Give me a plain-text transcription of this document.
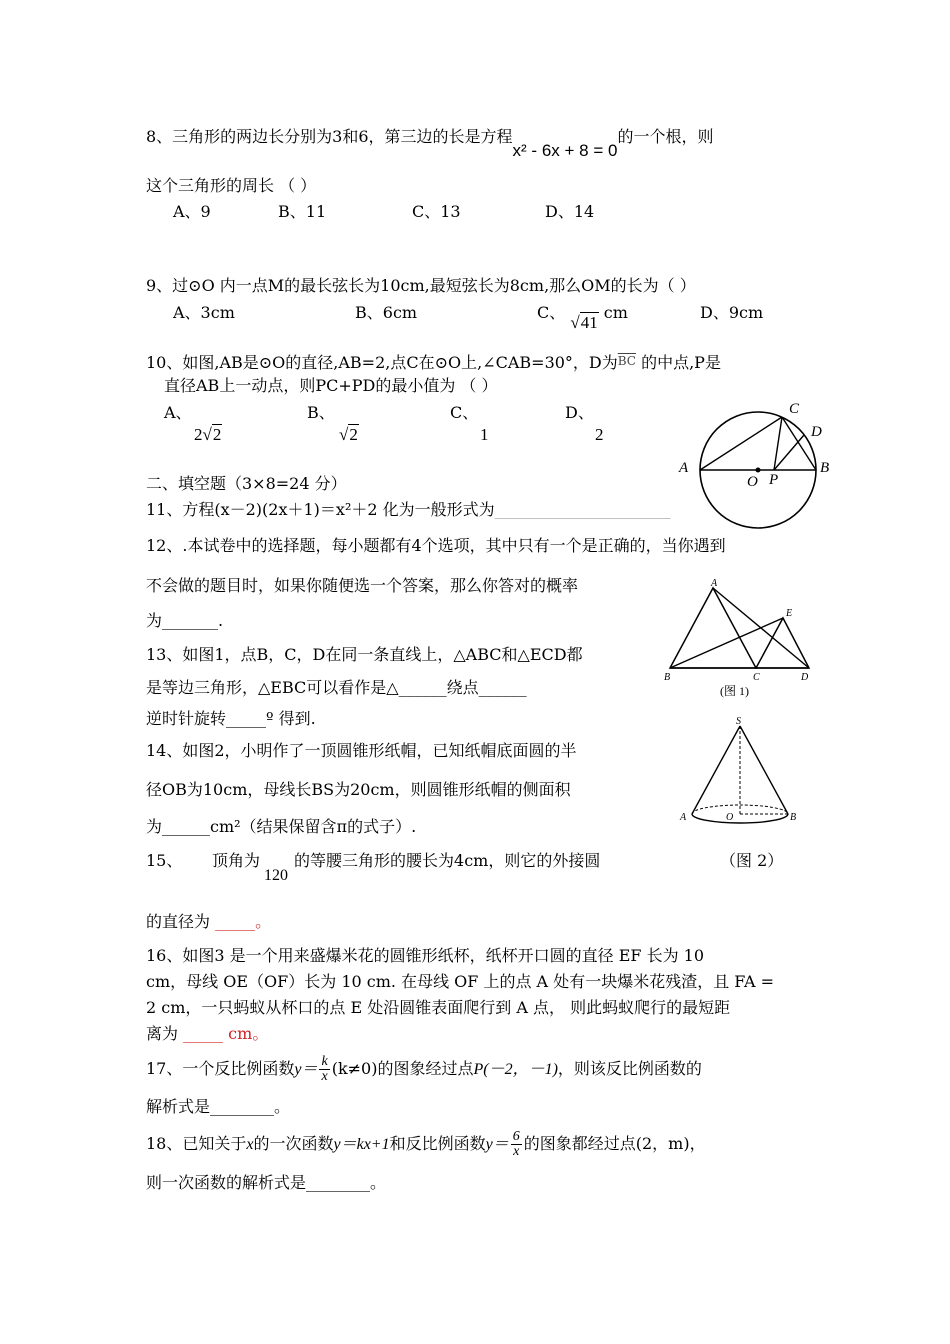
8、三角形的两边长分别为3和6，第三边的长是方程x² - 6x + 8 = 0的一个根，则
这个三角形的周长 （ ）
A、9	B、11	C、13	D、14
9、过⊙O 内一点M的最长弦长为10cm,最短弦长为8cm,那么OM的长为（ ）
A、3cm	B、6cm	C、 √41 cm	D、9cm
10、如图,AB是⊙O的直径,AB=2,点C在⊙O上,∠CAB=30°，D为$\overline{BC}$ 的中点,P是
直径AB上一动点，则PC+PD的最小值为 （ ）
A、
2√2
B、
√2
C、
1
D、
2
A	B
C
D
O P
二、填空题（3×8=24 分）
11、方程(x－2)(2x＋1)＝x²＋2 化为一般形式为______________________
12、.本试卷中的选择题，每小题都有4个选项，其中只有一个是正确的，当你遇到
不会做的题目时，如果你随便选一个答案，那么你答对的概率
为_______.
A
B	C	D
E
(图 1)
13、如图1，点B，C，D在同一条直线上，△ABC和△ECD都
是等边三角形，△EBC可以看作是△______绕点______
逆时针旋转_____º 得到.	S
A	O	B
14、如图2，小明作了一顶圆锥形纸帽，已知纸帽底面圆的半
径OB为10cm，母线长BS为20cm，则圆锥形纸帽的侧面积
为______cm²（结果保留含π的式子）.
15、 顶角为120的等腰三角形的腰长为4cm，则它的外接圆	（图 2）
的直径为 _____。
16、如图3 是一个用来盛爆米花的圆锥形纸杯，纸杯开口圆的直径 EF 长为 10
cm，母线 OE（OF）长为 10 cm. 在母线 OF 上的点 A 处有一块爆米花残渣，且 FA =
2 cm，一只蚂蚁从杯口的点 E 处沿圆锥表面爬行到 A 点， 则此蚂蚁爬行的最短距
离为 _____ cm。
17、一个反比例函数$y= \frac{k}{x} (k\ne 0)$的图象经过点P(－2，－1)，则该反比例函数的
解析式是________。
18、已知关于x的一次函数y＝kx+1和反比例函数$y= \frac{6}{x}$ 的图象都经过点(2，m)，
则一次函数的解析式是________。
